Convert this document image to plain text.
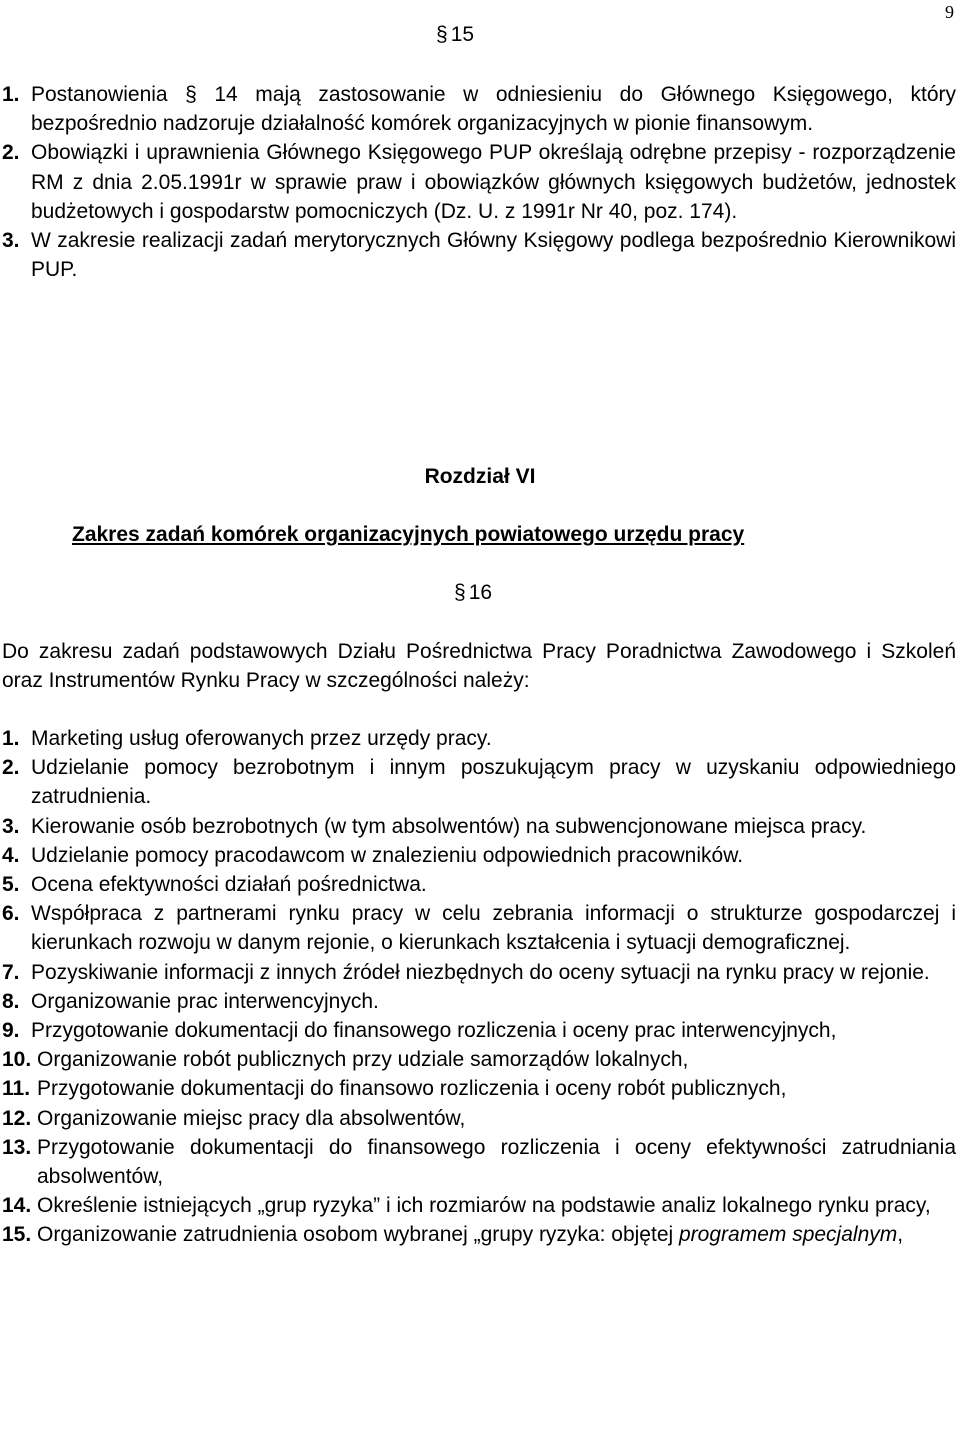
9
§ 15
1. Postanowienia § 14 mają zastosowanie w odniesieniu do Głównego Księgowego, który bezpośrednio nadzoruje działalność komórek organizacyjnych w pionie finansowym.
2. Obowiązki i uprawnienia Głównego Księgowego PUP określają odrębne przepisy - rozporządzenie RM z dnia 2.05.1991r w sprawie praw i obowiązków głównych księgowych budżetów, jednostek budżetowych i gospodarstw pomocniczych (Dz. U. z 1991r Nr 40, poz. 174).
3. W zakresie realizacji zadań merytorycznych Główny Księgowy podlega bezpośrednio Kierownikowi PUP.
Rozdział VI
Zakres zadań komórek organizacyjnych powiatowego urzędu pracy
§ 16

Do zakresu zadań podstawowych Działu Pośrednictwa Pracy Poradnictwa Zawodowego i Szkoleń oraz Instrumentów Rynku Pracy w szczególności należy:

1. Marketing usług oferowanych przez urzędy pracy.
2. Udzielanie pomocy bezrobotnym i innym poszukującym pracy w uzyskaniu odpowiedniego zatrudnienia.
3. Kierowanie osób bezrobotnych (w tym absolwentów) na subwencjonowane miejsca pracy.
4. Udzielanie pomocy pracodawcom w znalezieniu odpowiednich pracowników.
5. Ocena efektywności działań pośrednictwa.
6. Współpraca z partnerami rynku pracy w celu zebrania informacji o strukturze gospodarczej i kierunkach rozwoju w danym rejonie, o kierunkach kształcenia i sytuacji demograficznej.
7. Pozyskiwanie informacji z innych źródeł niezbędnych do oceny sytuacji na rynku pracy w rejonie.
8. Organizowanie prac interwencyjnych.
9. Przygotowanie dokumentacji do finansowego rozliczenia i oceny prac interwencyjnych,
10. Organizowanie robót publicznych przy udziale samorządów lokalnych,
11. Przygotowanie dokumentacji do finansowo rozliczenia i oceny robót publicznych,
12. Organizowanie miejsc pracy dla absolwentów,
13. Przygotowanie dokumentacji do finansowego rozliczenia i oceny efektywności zatrudniania absolwentów,
14. Określenie istniejących „grup ryzyka” i ich rozmiarów na podstawie analiz lokalnego rynku pracy,
15. Organizowanie zatrudnienia osobom wybranej „grupy ryzyka: objętej programem specjalnym,
